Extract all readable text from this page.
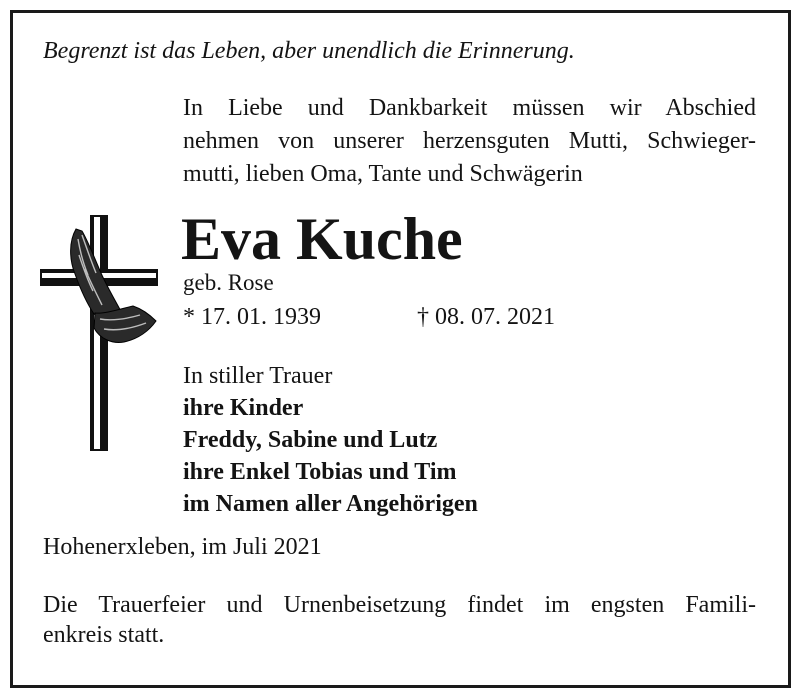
Begrenzt ist das Leben, aber unendlich die Erinnerung.
In Liebe und Dankbarkeit müssen wir Abschied
nehmen von unserer herzensguten Mutti, Schwieger-
mutti, lieben Oma, Tante und Schwägerin
Eva Kuche
geb. Rose
* 17. 01. 1939	† 08. 07. 2021
In stiller Trauer
ihre Kinder
Freddy, Sabine und Lutz
ihre Enkel Tobias und Tim
im Namen aller Angehörigen
Hohenerxleben, im Juli 2021
Die Trauerfeier und Urnenbeisetzung findet im engsten Famili-
enkreis statt.
